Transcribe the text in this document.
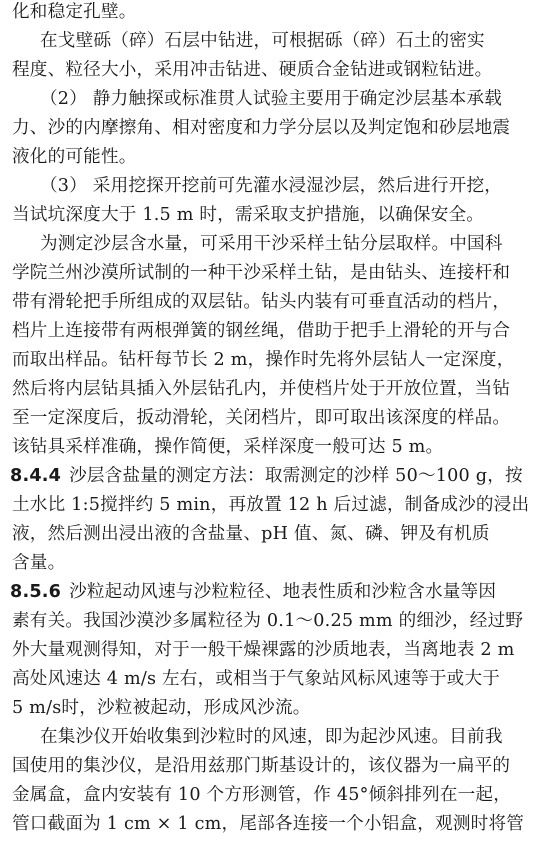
化和稳定孔壁。
在戈壁砾（碎）石层中钻进，可根据砾（碎）石土的密实
程度、粒径大小，采用冲击钻进、硬质合金钻进或钢粒钻进。
（2） 静力触探或标准贯人试验主要用于确定沙层基本承载
力、沙的内摩擦角、相对密度和力学分层以及判定饱和砂层地震
液化的可能性。
（3） 采用挖探开挖前可先灌水浸湿沙层，然后进行开挖，
当试坑深度大于 1.5 m 时，需采取支护措施，以确保安全。
为测定沙层含水量，可采用干沙采样土钻分层取样。中国科
学院兰州沙漠所试制的一种干沙采样土钻，是由钻头、连接杆和
带有滑轮把手所组成的双层钻。钻头内装有可垂直活动的档片，
档片上连接带有两根弹簧的钢丝绳，借助于把手上滑轮的开与合
而取出样品。钻杆每节长 2 m，操作时先将外层钻人一定深度，
然后将内层钻具插入外层钻孔内，并使档片处于开放位置，当钻
至一定深度后，扳动滑轮，关闭档片，即可取出该深度的样品。
该钻具采样准确，操作简便，采样深度一般可达 5 m。
8.4.4 沙层含盐量的测定方法：取需测定的沙样 50～100 g，按
土水比 1:5搅拌约 5 min，再放置 12 h 后过滤，制备成沙的浸出
液，然后测出浸出液的含盐量、pH 值、氮、磷、钾及有机质
含量。
8.5.6 沙粒起动风速与沙粒粒径、地表性质和沙粒含水量等因
素有关。我国沙漠沙多属粒径为 0.1～0.25 mm 的细沙，经过野
外大量观测得知，对于一般干燥裸露的沙质地表，当离地表 2 m
高处风速达 4 m/s 左右，或相当于气象站风标风速等于或大于
5 m/s时，沙粒被起动，形成风沙流。
在集沙仪开始收集到沙粒时的风速，即为起沙风速。目前我
国使用的集沙仪，是沿用兹那门斯基设计的，该仪器为一扁平的
金属盒，盒内安装有 10 个方形测管，作 45°倾斜排列在一起，
管口截面为 1 cm × 1 cm，尾部各连接一个小铝盒，观测时将管
